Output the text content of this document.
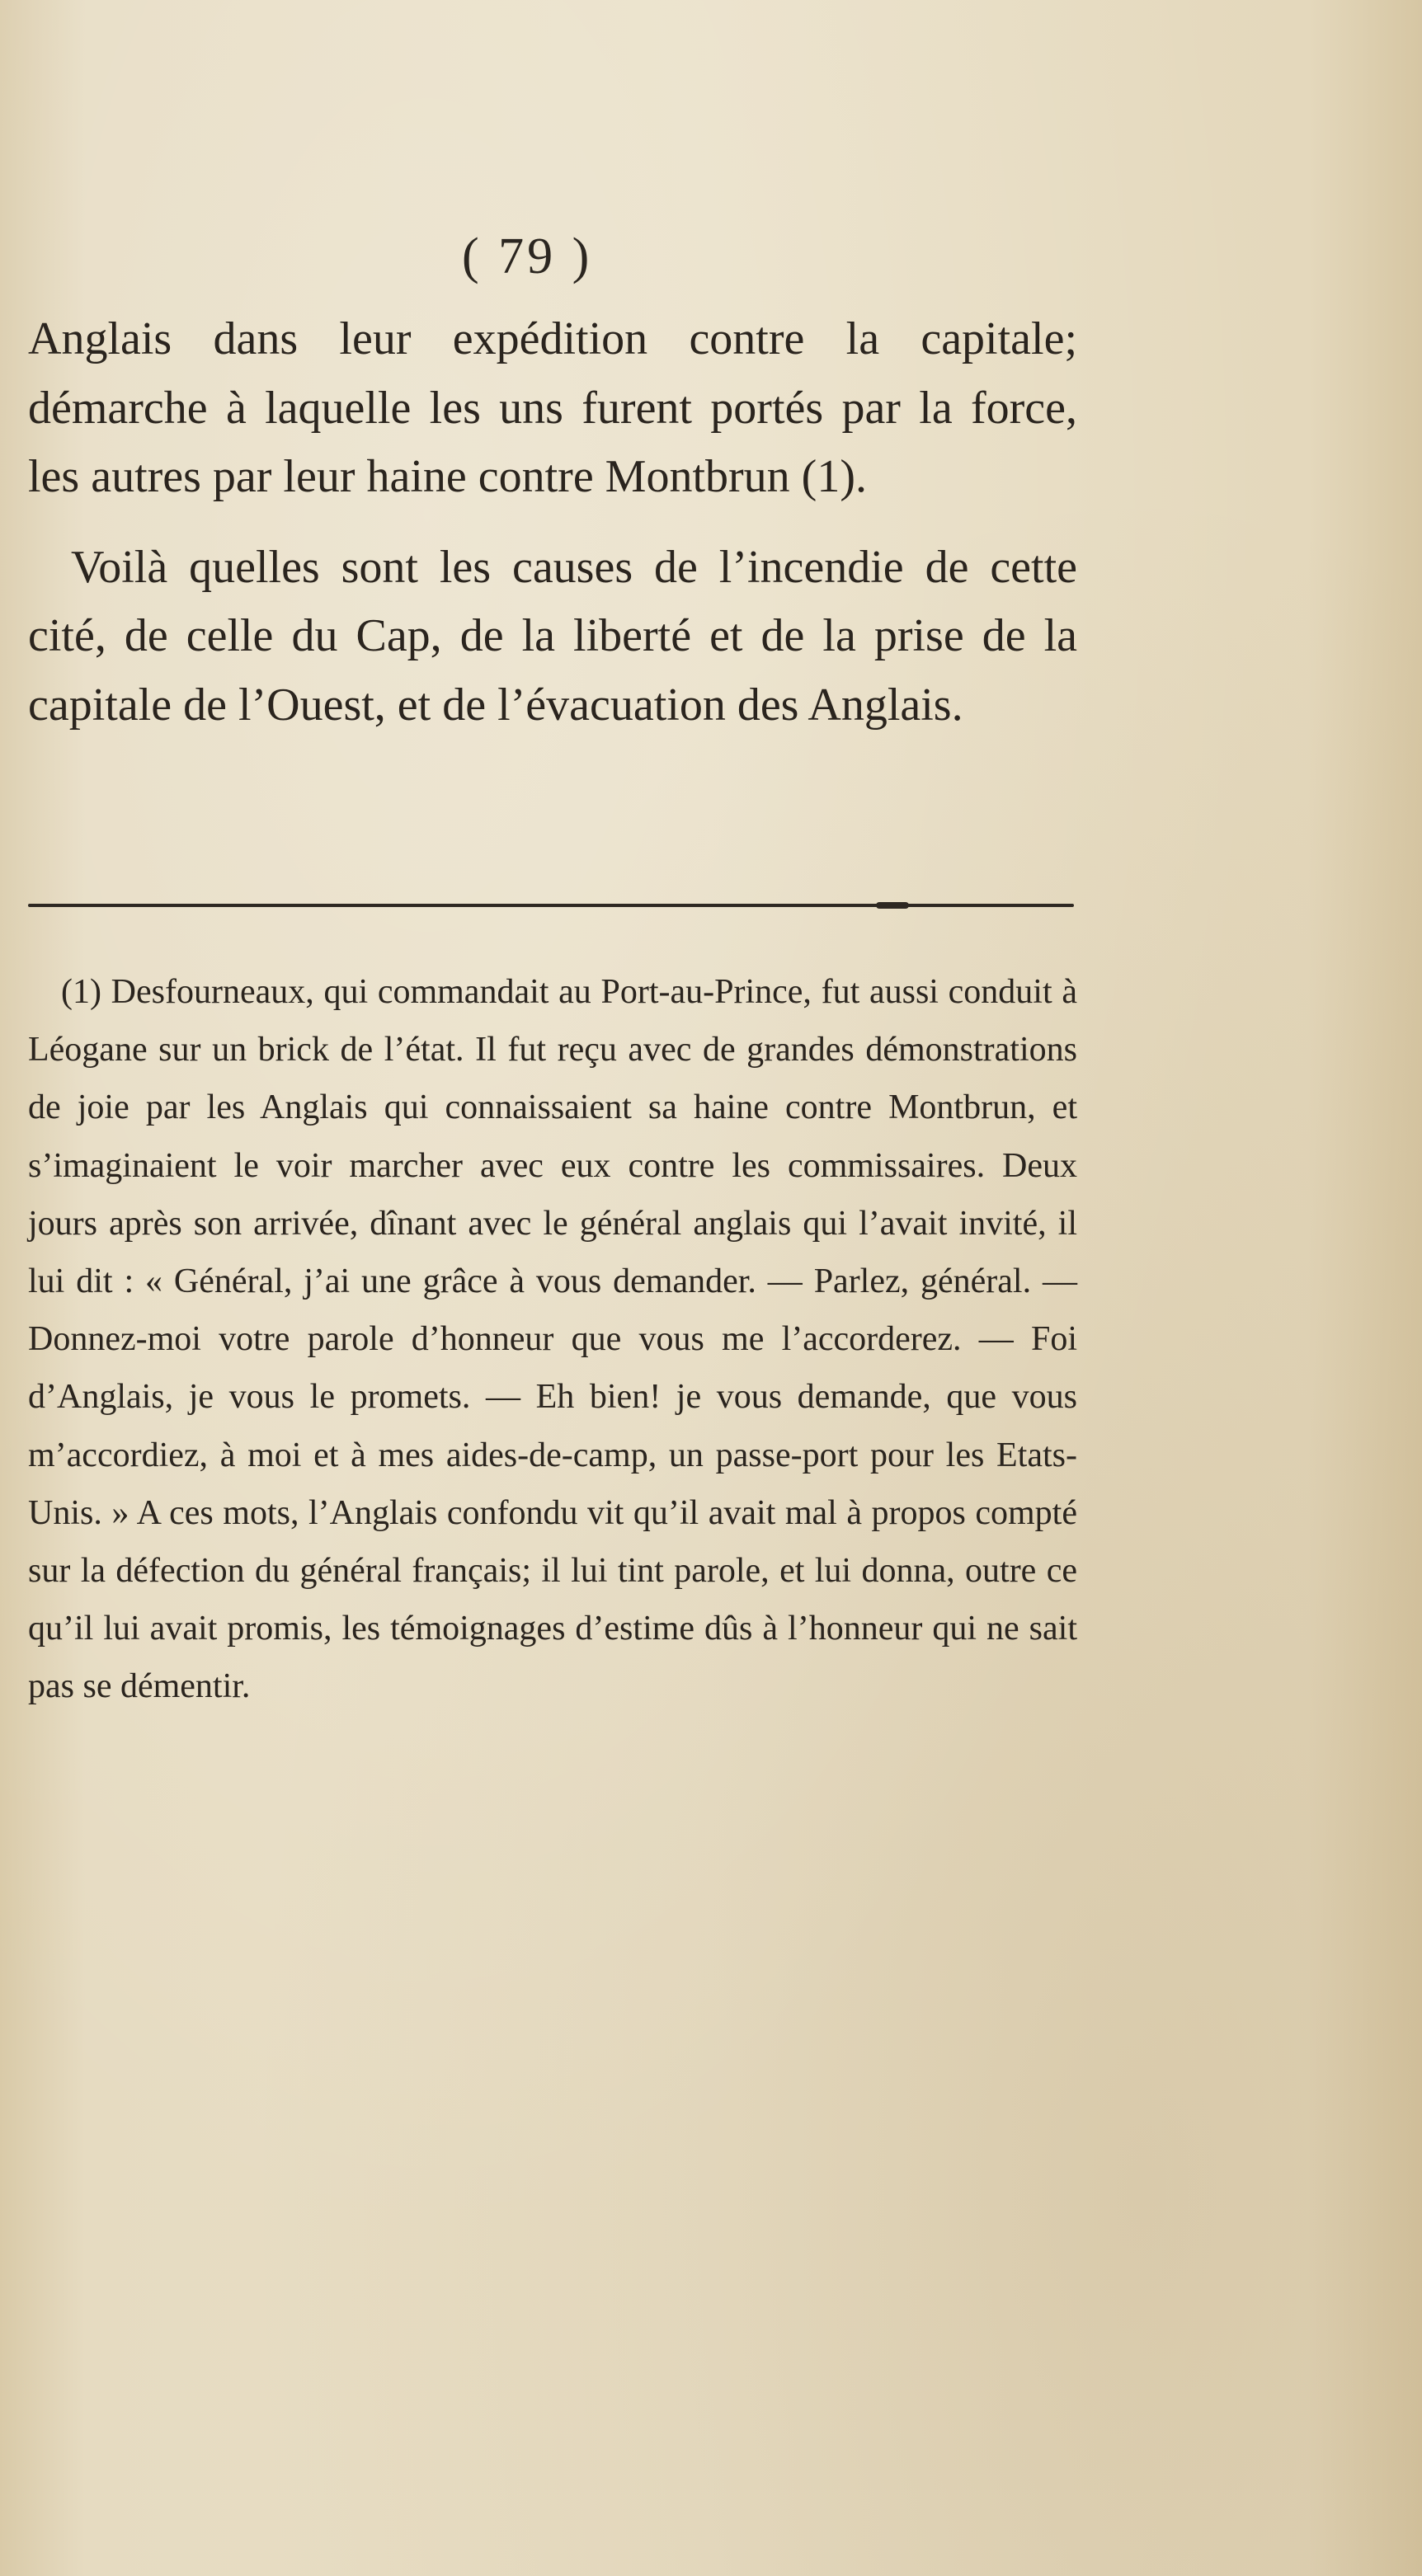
( 79 )

Anglais dans leur expédition contre la capitale; démarche à laquelle les uns furent portés par la force, les autres par leur haine contre Montbrun (1).

Voilà quelles sont les causes de l’incendie de cette cité, de celle du Cap, de la liberté et de la prise de la capitale de l’Ouest, et de l’évacuation des Anglais.

(1) Desfourneaux, qui commandait au Port-au-Prince, fut aussi conduit à Léogane sur un brick de l’état. Il fut reçu avec de grandes démonstrations de joie par les Anglais qui connaissaient sa haine contre Montbrun, et s’imaginaient le voir marcher avec eux contre les commissaires. Deux jours après son arrivée, dînant avec le général anglais qui l’avait invité, il lui dit : « Général, j’ai une grâce à vous demander. — Parlez, général. — Donnez-moi votre parole d’honneur que vous me l’accorderez. — Foi d’Anglais, je vous le promets. — Eh bien! je vous demande, que vous m’accordiez, à moi et à mes aides-de-camp, un passe-port pour les Etats-Unis. » A ces mots, l’Anglais confondu vit qu’il avait mal à propos compté sur la défection du général français; il lui tint parole, et lui donna, outre ce qu’il lui avait promis, les témoignages d’estime dûs à l’honneur qui ne sait pas se démentir.
